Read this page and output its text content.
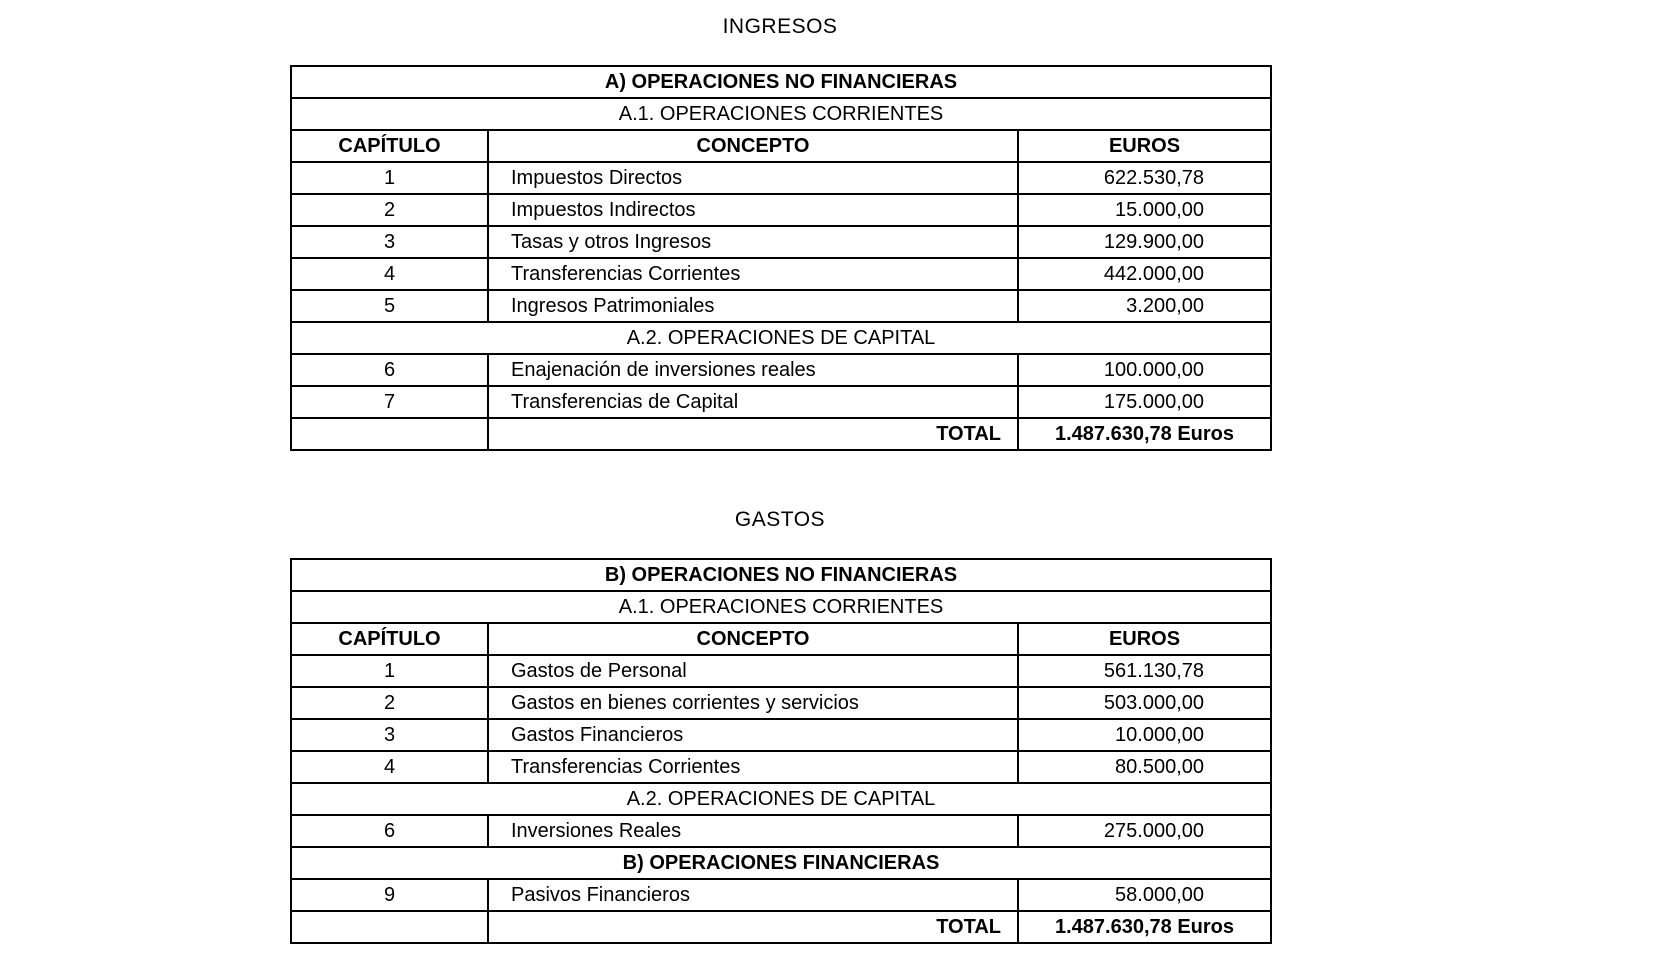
INGRESOS
A) OPERACIONES NO FINANCIERAS		
A.1. OPERACIONES CORRIENTES		
CAPÍTULO	CONCEPTO	EUROS
1	Impuestos Directos	622.530,78
2	Impuestos Indirectos	15.000,00
3	Tasas y otros Ingresos	129.900,00
4	Transferencias Corrientes	442.000,00
5	Ingresos Patrimoniales	3.200,00
A.2. OPERACIONES DE CAPITAL		
6	Enajenación de inversiones reales	100.000,00
7	Transferencias de Capital	175.000,00
	TOTAL	1.487.630,78 Euros
GASTOS
B) OPERACIONES NO FINANCIERAS		
A.1. OPERACIONES CORRIENTES		
CAPÍTULO	CONCEPTO	EUROS
1	Gastos de Personal	561.130,78
2	Gastos en bienes corrientes y servicios	503.000,00
3	Gastos Financieros	10.000,00
4	Transferencias Corrientes	80.500,00
A.2. OPERACIONES DE CAPITAL		
6	Inversiones Reales	275.000,00
B) OPERACIONES FINANCIERAS		
9	Pasivos Financieros	58.000,00
	TOTAL	1.487.630,78 Euros
